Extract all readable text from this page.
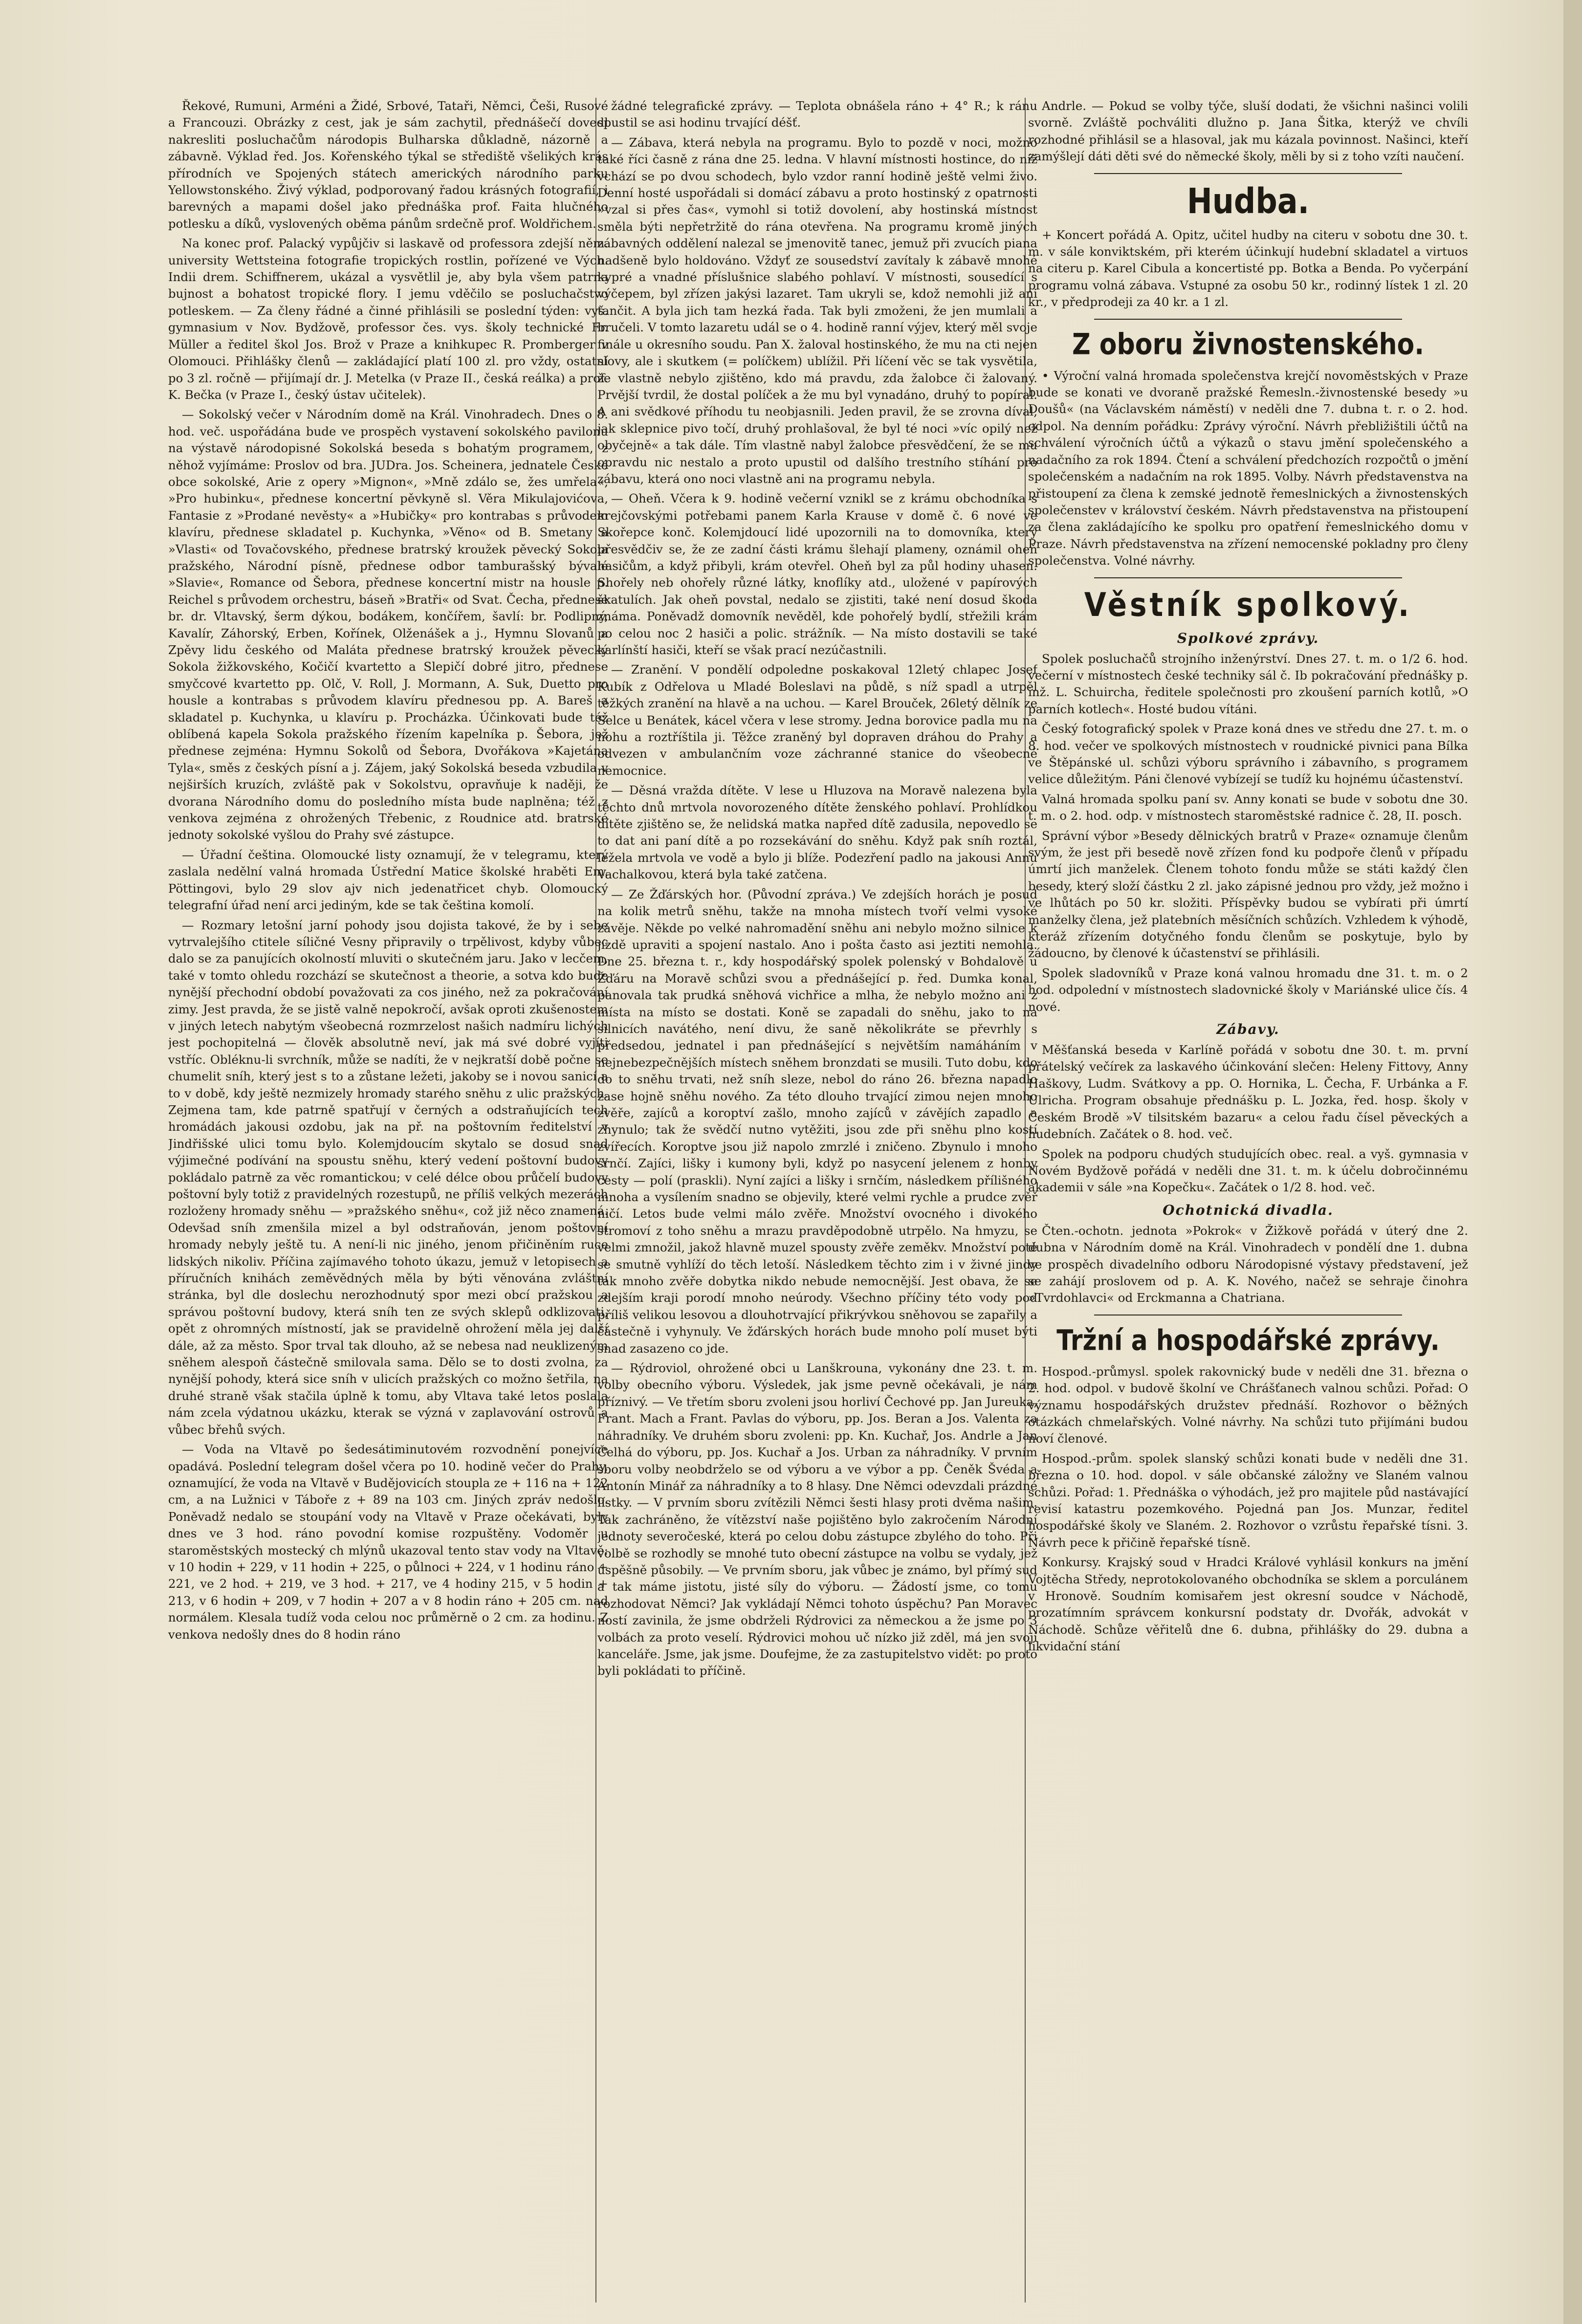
Řekové, Rumuni, Arméni a Židé, Srbové, Tataři, Němci, Češi, Rusové a Francouzi. Obrázky z cest, jak je sám zachytil, přednášečí dovedl nakresliti posluchačům národopis Bulharska důkladně, názorně a zábavně. Výklad řed. Jos. Kořenského týkal se střediště všelikých krás přírodních ve Spojených státech amerických národního parku Yellowstonského. Živý výklad, podporovaný řadou krásných fotografií, i barevných a mapami došel jako přednáška prof. Faita hlučného potlesku a díků, vyslovených oběma pánům srdečně prof. Woldřichem.

Na konec prof. Palacký vypůjčiv si laskavě od professora zdejší něm. university Wettsteina fotografie tropických rostlin, pořízené ve Vých. Indii drem. Schiffnerem, ukázal a vysvětlil je, aby byla všem patrna bujnost a bohatost tropické flory. I jemu vděčilo se posluchačstvo potleskem. — Za členy řádné a činné přihlásili se poslední týden: vyš. gymnasium v Nov. Bydžově, professor čes. vys. školy technické Fr. Müller a ředitel škol Jos. Brož v Praze a knihkupec R. Promberger v Olomouci. Přihlášky členů — zakládající platí 100 zl. pro vždy, ostatní po 3 zl. ročně — přijímají dr. J. Metelka (v Praze II., česká reálka) a prof. K. Bečka (v Praze I., český ústav učitelek).

— Sokolský večer v Národním domě na Král. Vinohradech. Dnes o 8. hod. več. uspořádána bude ve prospěch vystavení sokolského pavilonu na výstavě národopisné Sokolská beseda s bohatým programem, z něhož vyjímáme: Proslov od bra. JUDra. Jos. Scheinera, jednatele České obce sokolské, Arie z opery »Mignon«, »Mně zdálo se, žes umřela«, »Pro hubinku«, přednese koncertní pěvkyně sl. Věra Mikulajovićova, Fantasie z »Prodané nevěsty« a »Hubičky« pro kontrabas s průvodem klavíru, přednese skladatel p. Kuchynka, »Věno« od B. Smetany a »Vlasti« od Tovačovského, přednese bratrský kroužek pěvecký Sokola pražského, Národní písně, přednese odbor tamburašský bývalé »Slavie«, Romance od Šebora, přednese koncertní mistr na housle p. Reichel s průvodem orchestru, báseň »Bratři« od Svat. Čecha, přednese br. dr. Vltavský, šerm dýkou, bodákem, končířem, šavlí: br. Podlipný, Kavalír, Záhorský, Erben, Kořínek, Olženášek a j., Hymnu Slovanů a Zpěvy lidu českého od Maláta přednese bratrský kroužek pěvecký Sokola žižkovského, Kočičí kvartetto a Slepičí dobré jitro, přednese smyčcové kvartetto pp. Olč, V. Roll, J. Mormann, A. Suk, Duetto pro housle a kontrabas s průvodem klavíru přednesou pp. A. Bareš a skladatel p. Kuchynka, u klavíru p. Procházka. Účinkovati bude též oblíbená kapela Sokola pražského řízením kapelníka p. Šebora, jež přednese zejména: Hymnu Sokolů od Šebora, Dvořákova »Kajetána Tyla«, směs z českých písní a j. Zájem, jaký Sokolská beseda vzbudila v nejširších kruzích, zvláště pak v Sokolstvu, opravňuje k naději, že dvorana Národního domu do posledního místa bude naplněna; též z venkova zejména z ohrožených Třebenic, z Roudnice atd. bratrské jednoty sokolské vyšlou do Prahy své zástupce.

— Úřadní čeština. Olomoucké listy oznamují, že v telegramu, který zaslala nedělní valná hromada Ústřední Matice školské hraběti Em. Pöttingovi, bylo 29 slov ajv nich jedenatřicet chyb. Olomoucký telegrafní úřad není arci jediným, kde se tak čeština komolí.

— Rozmary letošní jarní pohody jsou dojista takové, že by i sebe vytrvalejšího ctitele síličné Vesny připravily o trpělivost, kdyby vůbec dalo se za panujících okolností mluviti o skutečném jaru. Jako v lecčem, také v tomto ohledu rozchází se skutečnost a theorie, a sotva kdo bude nynější přechodní období považovati za cos jiného, než za pokračování zimy. Jest pravda, že se jistě valně nepokročí, avšak oproti zkušenostem v jiných letech nabytým všeobecná rozmrzelost našich nadmíru lichých jest pochopitelná — člověk absolutně neví, jak má své dobré vyjíti vstříc. Obléknu-li svrchník, může se nadíti, že v nejkratší době počne se chumelit sníh, který jest s to a zůstane ležeti, jakoby se i novou sanicí a to v době, kdy ještě nezmizely hromady starého sněhu z ulic pražských. Zejmena tam, kde patrně spatřují v černých a odstraňujících tech hromádách jakousi ozdobu, jak na př. na poštovním ředitelství v Jindřišské ulici tomu bylo. Kolemjdoucím skytalo se dosud snad výjimečné podívání na spoustu sněhu, který vedení poštovní budovy pokládalo patrně za věc romantickou; v celé délce obou průčelí budovy poštovní byly totiž z pravidelných rozestupů, ne příliš velkých mezerách rozloženy hromady sněhu — »pražského sněhu«, což již něco znamená. Odevšad sníh zmenšila mizel a byl odstraňován, jenom poštovní hromady nebyly ještě tu. A není-li nic jiného, jenom přičiněním ruce lidských nikoliv. Příčina zajímavého tohoto úkazu, jemuž v letopisech a příručních knihách zeměvědných měla by býti věnována zvláštní stránka, byl dle doslechu nerozhodnutý spor mezi obcí pražskou a správou poštovní budovy, která sníh ten ze svých sklepů odklizovati, opět z ohromných místností, jak se pravidelně ohrožení měla jej další dále, až za město. Spor trval tak dlouho, až se nebesa nad neuklizeným sněhem alespoň částečně smilovala sama. Dělo se to dosti zvolna, za nynější pohody, která sice sníh v ulicích pražských co možno šetřila, na druhé straně však stačila úplně k tomu, aby Vltava také letos poslala nám zcela výdatnou ukázku, kterak se význá v zaplavování ostrovů a vůbec břehů svých.

— Voda na Vltavě po šedesátiminutovém rozvodnění ponejvíce opadává. Poslední telegram došel včera po 10. hodině večer do Prahy, oznamující, že voda na Vltavě v Budějovicích stoupla ze + 116 na + 122 cm, a na Lužnici v Táboře z + 89 na 103 cm. Jiných zpráv nedošlo. Poněvadž nedalo se stoupání vody na Vltavě v Praze očekávati, byly dnes ve 3 hod. ráno povodní komise rozpuštěny. Vodoměr u staroměstských mostecký ch mlýnů ukazoval tento stav vody na Vltavě: v 10 hodin + 229, v 11 hodin + 225, o půlnoci + 224, v 1 hodinu ráno + 221, ve 2 hod. + 219, ve 3 hod. + 217, ve 4 hodiny 215, v 5 hodin + 213, v 6 hodin + 209, v 7 hodin + 207 a v 8 hodin ráno + 205 cm. nad normálem. Klesala tudíž voda celou noc průměrně o 2 cm. za hodinu. Z venkova nedošly dnes do 8 hodin ráno

žádné telegrafické zprávy. — Teplota obnášela ráno + 4° R.; k ránu spustil se asi hodinu trvající déšť.

— Zábava, která nebyla na programu. Bylo to pozdě v noci, možno také říci časně z rána dne 25. ledna. V hlavní místnosti hostince, do níž vchází se po dvou schodech, bylo vzdor ranní hodině ještě velmi živo. Denní hosté uspořádali si domácí zábavu a proto hostinský z opatrnosti »vzal si přes čas«, vymohl si totiž dovolení, aby hostinská místnost směla býti nepřetržitě do rána otevřena. Na programu kromě jiných zábavných oddělení nalezal se jmenovitě tanec, jemuž při zvucích piana nadšeně bylo holdováno. Vždyť ze sousedství zavítaly k zábavě mnohé kypré a vnadné příslušnice slabého pohlaví. V místnosti, sousedící s výčepem, byl zřízen jakýsi lazaret. Tam ukryli se, kdož nemohli již ani tančit. A byla jich tam hezká řada. Tak byli zmoženi, že jen mumlali a bručeli. V tomto lazaretu udál se o 4. hodině ranní výjev, který měl svoje finále u okresního soudu. Pan X. žaloval hostinského, že mu na cti nejen slovy, ale i skutkem (= políčkem) ublížil. Při líčení věc se tak vysvětila, že vlastně nebylo zjištěno, kdo má pravdu, zda žalobce či žalovaný. Prvější tvrdil, že dostal políček a že mu byl vynadáno, druhý to popíral. A ani svědkové příhodu tu neobjasnili. Jeden pravil, že se zrovna díval, jak sklepnice pivo točí, druhý prohlašoval, že byl té noci »víc opilý než obyčejně« a tak dále. Tím vlastně nabyl žalobce přesvědčení, že se mu opravdu nic nestalo a proto upustil od dalšího trestního stíhání pro zábavu, která ono noci vlastně ani na programu nebyla.

— Oheň. Včera k 9. hodině večerní vznikl se z krámu obchodníka s krejčovskými potřebami panem Karla Krause v domě č. 6 nové ve Skořepce konč. Kolemjdoucí lidé upozornili na to domovníka, který přesvědčiv se, že ze zadní části krámu šlehají plameny, oznámil oheň hasičům, a když přibyli, krám otevřel. Oheň byl za půl hodiny uhasen. Shořely neb ohořely různé látky, knoflíky atd., uložené v papírových škatulích. Jak oheň povstal, nedalo se zjistiti, také není dosud škoda známa. Poněvadž domovník nevěděl, kde pohořelý bydlí, střežili krám po celou noc 2 hasiči a polic. strážník. — Na místo dostavili se také karlínští hasiči, kteří se však prací nezúčastnili.

— Zranění. V pondělí odpoledne poskakoval 12letý chlapec Josef Kubík z Odřelova u Mladé Boleslavi na půdě, s níž spadl a utrpěl těžkých zranění na hlavě a na uchou. — Karel Brouček, 26letý dělník ze Selce u Benátek, kácel včera v lese stromy. Jedna borovice padla mu na nohu a roztříštila ji. Těžce zraněný byl dopraven dráhou do Prahy a odvezen v ambulančním voze záchranné stanice do všeobecné nemocnice.

— Děsná vražda dítěte. V lese u Hluzova na Moravě nalezena byla těchto dnů mrtvola novorozeného dítěte ženského pohlaví. Prohlídkou dítěte zjištěno se, že nelidská matka napřed dítě zadusila, nepovedlo se to dat ani paní dítě a po rozsekávání do sněhu. Když pak sníh roztál, ležela mrtvola ve vodě a bylo ji blíže. Podezření padlo na jakousi Annu Vachalkovou, která byla také zatčena.

— Ze Žďárských hor. (Původní zpráva.) Ve zdejších horách je posud na kolik metrů sněhu, takže na mnoha místech tvoří velmi vysoké závěje. Někde po velké nahromadění sněhu ani nebylo možno silnice k jízdě upraviti a spojení nastalo. Ano i pošta často asi jeztiti nemohla. Dne 25. března t. r., kdy hospodářský spolek polenský v Bohdalově u Žďáru na Moravě schůzi svou a přednášející p. řed. Dumka konal, panovala tak prudká sněhová vichřice a mlha, že nebylo možno ani z místa na místo se dostati. Koně se zapadali do sněhu, jako to na silnicích navátého, není divu, že saně několikráte se převrhly s předsedou, jednatel i pan přednášející s největším namáháním v nejnebezpečnějších místech sněhem bronzdati se musili. Tuto dobu, kdo do to sněhu trvati, než sníh sleze, nebol do ráno 26. března napadlo zase hojně sněhu nového. Za této dlouho trvající zimou nejen mnoho zvěře, zajíců a koroptví zašlo, mnoho zajíců v závějích zapadlo a zhynulo; tak že svědčí nutno vytěžiti, jsou zde při sněhu plno kostí zvířecích. Koroptve jsou již napolo zmrzlé i zničeno. Zbynulo i mnoho srnčí. Zajíci, lišky i kumony byli, když po nasycení jelenem z honby cesty — polí (praskli). Nyní zajíci a lišky i srnčím, následkem přílišného mnoha a vysílením snadno se objevily, které velmi rychle a prudce zvěř ničí. Letos bude velmi málo zvěře. Množství ovocného i divokého stromoví z toho sněhu a mrazu pravděpodobně utrpělo. Na hmyzu, se velmi zmnožil, jakož hlavně muzel spousty zvěře zeměkv. Množství poté se smutně vyhlíží do těch letoší. Následkem těchto zim i v živné jindy tak mnoho zvěře dobytka nikdo nebude nemocnější. Jest obava, že se zdejším kraji porodí mnoho neúrody. Všechno příčiny této vody pod příliš velikou lesovou a dlouhotrvající přikrývkou sněhovou se zapařily a částečně i vyhynuly. Ve žďárských horách bude mnoho polí muset býti snad zasazeno co jde.

— Rýdroviol, ohrožené obci u Lanškrouna, vykonány dne 23. t. m. volby obecního výboru. Výsledek, jak jsme pevně očekávali, je nám příznivý. — Ve třetím sboru zvoleni jsou horliví Čechové pp. Jan Jureuka, Frant. Mach a Frant. Pavlas do výboru, pp. Jos. Beran a Jos. Valenta za náhradníky. Ve druhém sboru zvoleni: pp. Kn. Kuchař, Jos. Andrle a Jan Čelhá do výboru, pp. Jos. Kuchař a Jos. Urban za náhradníky. V prvním sboru volby neobdrželo se od výboru a ve výbor a pp. Čeněk Švéda a Antonín Minář za náhradníky a to 8 hlasy. Dne Němci odevzdali prázdné lístky. — V prvním sboru zvítězili Němci šesti hlasy proti dvěma našim. Tak zachráněno, že vítězství naše pojištěno bylo zakročením Národní jednoty severočeské, která po celou dobu zástupce zbylého do toho. Při volbě se rozhodly se mnohé tuto obecní zástupce na volbu se vydaly, jež úspěšně působily. — Ve prvním sboru, jak vůbec je známo, byl přímý sud a tak máme jistotu, jisté síly do výboru. — Žádostí jsme, co tomu rozhodovat Němci? Jak vykládají Němci tohoto úspěchu? Pan Moravec ností zavinila, že jsme obdrželi Rýdrovici za německou a že jsme po 3 volbách za proto veselí. Rýdrovici mohou uč nízko již zděl, má jen svoji kanceláře. Jsme, jak jsme. Doufejme, že za zastupitelstvo vidět: po proto byli pokládati to příčině.

Andrle. — Pokud se volby týče, sluší dodati, že všichni našinci volili svorně. Zvláště pochváliti dlužno p. Jana Šitka, kterýž ve chvíli rozhodné přihlásil se a hlasoval, jak mu kázala povinnost. Našinci, kteří zamýšlejí dáti děti své do německé školy, měli by si z toho vzíti naučení.

Hudba.

+ Koncert pořádá A. Opitz, učitel hudby na citeru v sobotu dne 30. t. m. v sále konviktském, při kterém účinkují hudební skladatel a virtuos na citeru p. Karel Cibula a koncertisté pp. Botka a Benda. Po vyčerpání programu volná zábava. Vstupné za osobu 50 kr., rodinný lístek 1 zl. 20 kr., v předprodeji za 40 kr. a 1 zl.

Z oboru živnostenského.

• Výroční valná hromada společenstva krejčí novoměstských v Praze bude se konati ve dvoraně pražské Řemesln.-živnostenské besedy »u Doušů« (na Václavském náměstí) v neděli dne 7. dubna t. r. o 2. hod. odpol. Na denním pořádku: Zprávy výroční. Návrh přebližištili účtů na schválení výročních účtů a výkazů o stavu jmění společenského a nadačního za rok 1894. Čtení a schválení předchozích rozpočtů o jmění společenském a nadačním na rok 1895. Volby. Návrh představenstva na přistoupení za člena k zemské jednotě řemeslnických a živnostenských společenstev v království českém. Návrh představenstva na přistoupení za člena zakládajícího ke spolku pro opatření řemeslnického domu v Praze. Návrh představenstva na zřízení nemocenské pokladny pro členy společenstva. Volné návrhy.

Věstník spolkový.
Spolkové zprávy.

Spolek posluchačů strojního inženýrství. Dnes 27. t. m. o 1/2 6. hod. večerní v místnostech české techniky sál č. Ib pokračování přednášky p. inž. L. Schuircha, ředitele společnosti pro zkoušení parních kotlů, »O parních kotlech«. Hosté budou vítáni.

Český fotografický spolek v Praze koná dnes ve středu dne 27. t. m. o 8. hod. večer ve spolkových místnostech v roudnické pivnici pana Bílka ve Štěpánské ul. schůzi výboru správního i zábavního, s programem velice důležitým. Páni členové vybízejí se tudíž ku hojnému účastenství.

Valná hromada spolku paní sv. Anny konati se bude v sobotu dne 30. t. m. o 2. hod. odp. v místnostech staroměstské radnice č. 28, II. posch.

Správní výbor »Besedy dělnických bratrů v Praze« oznamuje členům svým, že jest při besedě nově zřízen fond ku podpoře členů v případu úmrtí jich manželek. Členem tohoto fondu může se státi každý člen besedy, který složí částku 2 zl. jako zápisné jednou pro vždy, jež možno i ve lhůtách po 50 kr. složiti. Příspěvky budou se vybírati při úmrtí manželky člena, jež platebních měsíčních schůzích. Vzhledem k výhodě, kteráž zřízením dotyčného fondu členům se poskytuje, bylo by žádoucno, by členové k účastenství se přihlásili.

Spolek sladovníků v Praze koná valnou hromadu dne 31. t. m. o 2 hod. odpolední v místnostech sladovnické školy v Mariánské ulice čís. 4 nové.

Zábavy.

Měšťanská beseda v Karlíně pořádá v sobotu dne 30. t. m. první přátelský večírek za laskavého účinkování slečen: Heleny Fittovy, Anny Haškovy, Ludm. Svátkovy a pp. O. Hornika, L. Čecha, F. Urbánka a F. Ulricha. Program obsahuje přednášku p. L. Jozka, řed. hosp. školy v Českém Brodě »V tilsitském bazaru« a celou řadu čísel pěveckých a hudebních. Začátek o 8. hod. več.

Spolek na podporu chudých studujících obec. real. a vyš. gymnasia v Novém Bydžově pořádá v neděli dne 31. t. m. k účelu dobročinnému akademii v sále »na Kopečku«. Začátek o 1/2 8. hod. več.

Ochotnická divadla.

Čten.-ochotn. jednota »Pokrok« v Žižkově pořádá v úterý dne 2. dubna v Národním domě na Král. Vinohradech v pondělí dne 1. dubna ve prospěch divadelního odboru Národopisné výstavy představení, jež se zahájí proslovem od p. A. K. Nového, načež se sehraje činohra »Tvrdohlavci« od Erckmanna a Chatriana.

Tržní a hospodářské zprávy.

Hospod.-průmysl. spolek rakovnický bude v neděli dne 31. března o 2. hod. odpol. v budově školní ve Chrášťanech valnou schůzi. Pořad: O významu hospodářských družstev přednáší. Rozhovor o běžných otázkách chmelařských. Volné návrhy. Na schůzi tuto přijímáni budou noví členové.

Hospod.-prům. spolek slanský schůzi konati bude v neděli dne 31. března o 10. hod. dopol. v sále občanské záložny ve Slaném valnou schůzi. Pořad: 1. Přednáška o výhodách, jež pro majitele půd nastávající revisí katastru pozemkového. Pojedná pan Jos. Munzar, ředitel hospodářské školy ve Slaném. 2. Rozhovor o vzrůstu řepařské tísni. 3. Návrh pece k přičině řepařské tísně.

Konkursy. Krajský soud v Hradci Králové vyhlásil konkurs na jmění Vojtěcha Středy, neprotokolovaného obchodníka se sklem a porculánem v Hronově. Soudním komisařem jest okresní soudce v Náchodě, prozatímním správcem konkursní podstaty dr. Dvořák, advokát v Náchodě. Schůze věřitelů dne 6. dubna, přihlášky do 29. dubna a likvidační stání
